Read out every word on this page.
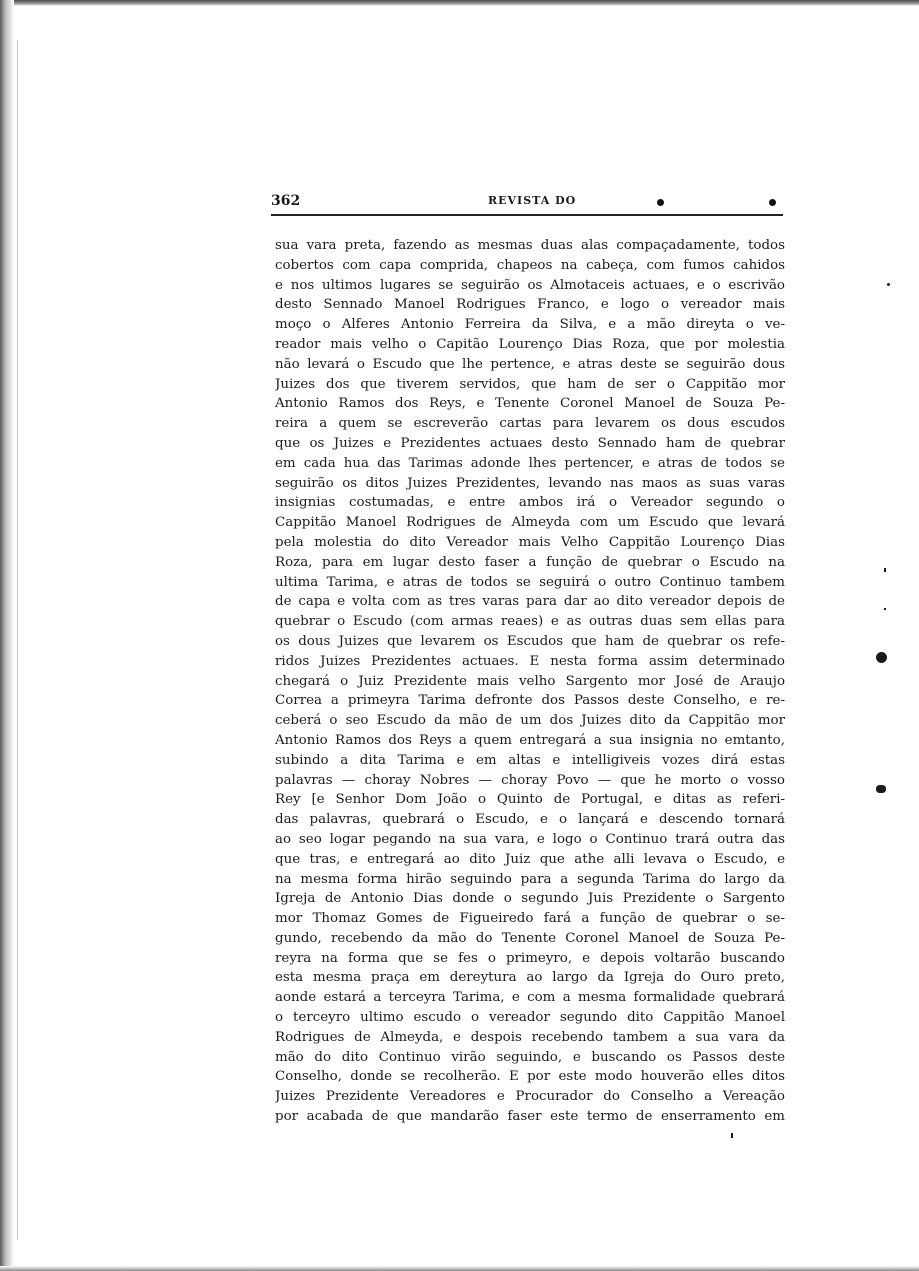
362	REVISTA DO
sua vara preta, fazendo as mesmas duas alas compaçadamente, todos
cobertos com capa comprida, chapeos na cabeça, com fumos cahidos
e nos ultimos lugares se seguirão os Almotaceis actuaes, e o escrivão
desto Sennado Manoel Rodrigues Franco, e logo o vereador mais
moço o Alferes Antonio Ferreira da Silva, e a mão direyta o ve-
reador mais velho o Capitão Lourenço Dias Roza, que por molestia
não levará o Escudo que lhe pertence, e atras deste se seguirão dous
Juizes dos que tiverem servidos, que ham de ser o Cappitão mor
Antonio Ramos dos Reys, e Tenente Coronel Manoel de Souza Pe-
reira a quem se escreverão cartas para levarem os dous escudos
que os Juizes e Prezidentes actuaes desto Sennado ham de quebrar
em cada hua das Tarimas adonde lhes pertencer, e atras de todos se
seguirão os ditos Juizes Prezidentes, levando nas maos as suas varas
insignias costumadas, e entre ambos irá o Vereador segundo o
Cappitão Manoel Rodrigues de Almeyda com um Escudo que levará
pela molestia do dito Vereador mais Velho Cappitão Lourenço Dias
Roza, para em lugar desto faser a função de quebrar o Escudo na
ultima Tarima, e atras de todos se seguirá o outro Continuo tambem
de capa e volta com as tres varas para dar ao dito vereador depois de
quebrar o Escudo (com armas reaes) e as outras duas sem ellas para
os dous Juizes que levarem os Escudos que ham de quebrar os refe-
ridos Juizes Prezidentes actuaes. E nesta forma assim determinado
chegará o Juiz Prezidente mais velho Sargento mor José de Araujo
Correa a primeyra Tarima defronte dos Passos deste Conselho, e re-
ceberá o seo Escudo da mão de um dos Juizes dito da Cappitão mor
Antonio Ramos dos Reys a quem entregará a sua insignia no emtanto,
subindo a dita Tarima e em altas e intelligiveis vozes dirá estas
palavras — choray Nobres — choray Povo — que he morto o vosso
Rey [e Senhor Dom João o Quinto de Portugal, e ditas as referi-
das palavras, quebrará o Escudo, e o lançará e descendo tornará
ao seo logar pegando na sua vara, e logo o Continuo trará outra das
que tras, e entregará ao dito Juiz que athe alli levava o Escudo, e
na mesma forma hirão seguindo para a segunda Tarima do largo da
Igreja de Antonio Dias donde o segundo Juis Prezidente o Sargento
mor Thomaz Gomes de Figueiredo fará a função de quebrar o se-
gundo, recebendo da mão do Tenente Coronel Manoel de Souza Pe-
reyra na forma que se fes o primeyro, e depois voltarão buscando
esta mesma praça em dereytura ao largo da Igreja do Ouro preto,
aonde estará a terceyra Tarima, e com a mesma formalidade quebrará
o terceyro ultimo escudo o vereador segundo dito Cappitão Manoel
Rodrigues de Almeyda, e despois recebendo tambem a sua vara da
mão do dito Continuo virão seguindo, e buscando os Passos deste
Conselho, donde se recolherão. E por este modo houverão elles ditos
Juizes Prezidente Vereadores e Procurador do Conselho a Vereação
por acabada de que mandarão faser este termo de enserramento em
